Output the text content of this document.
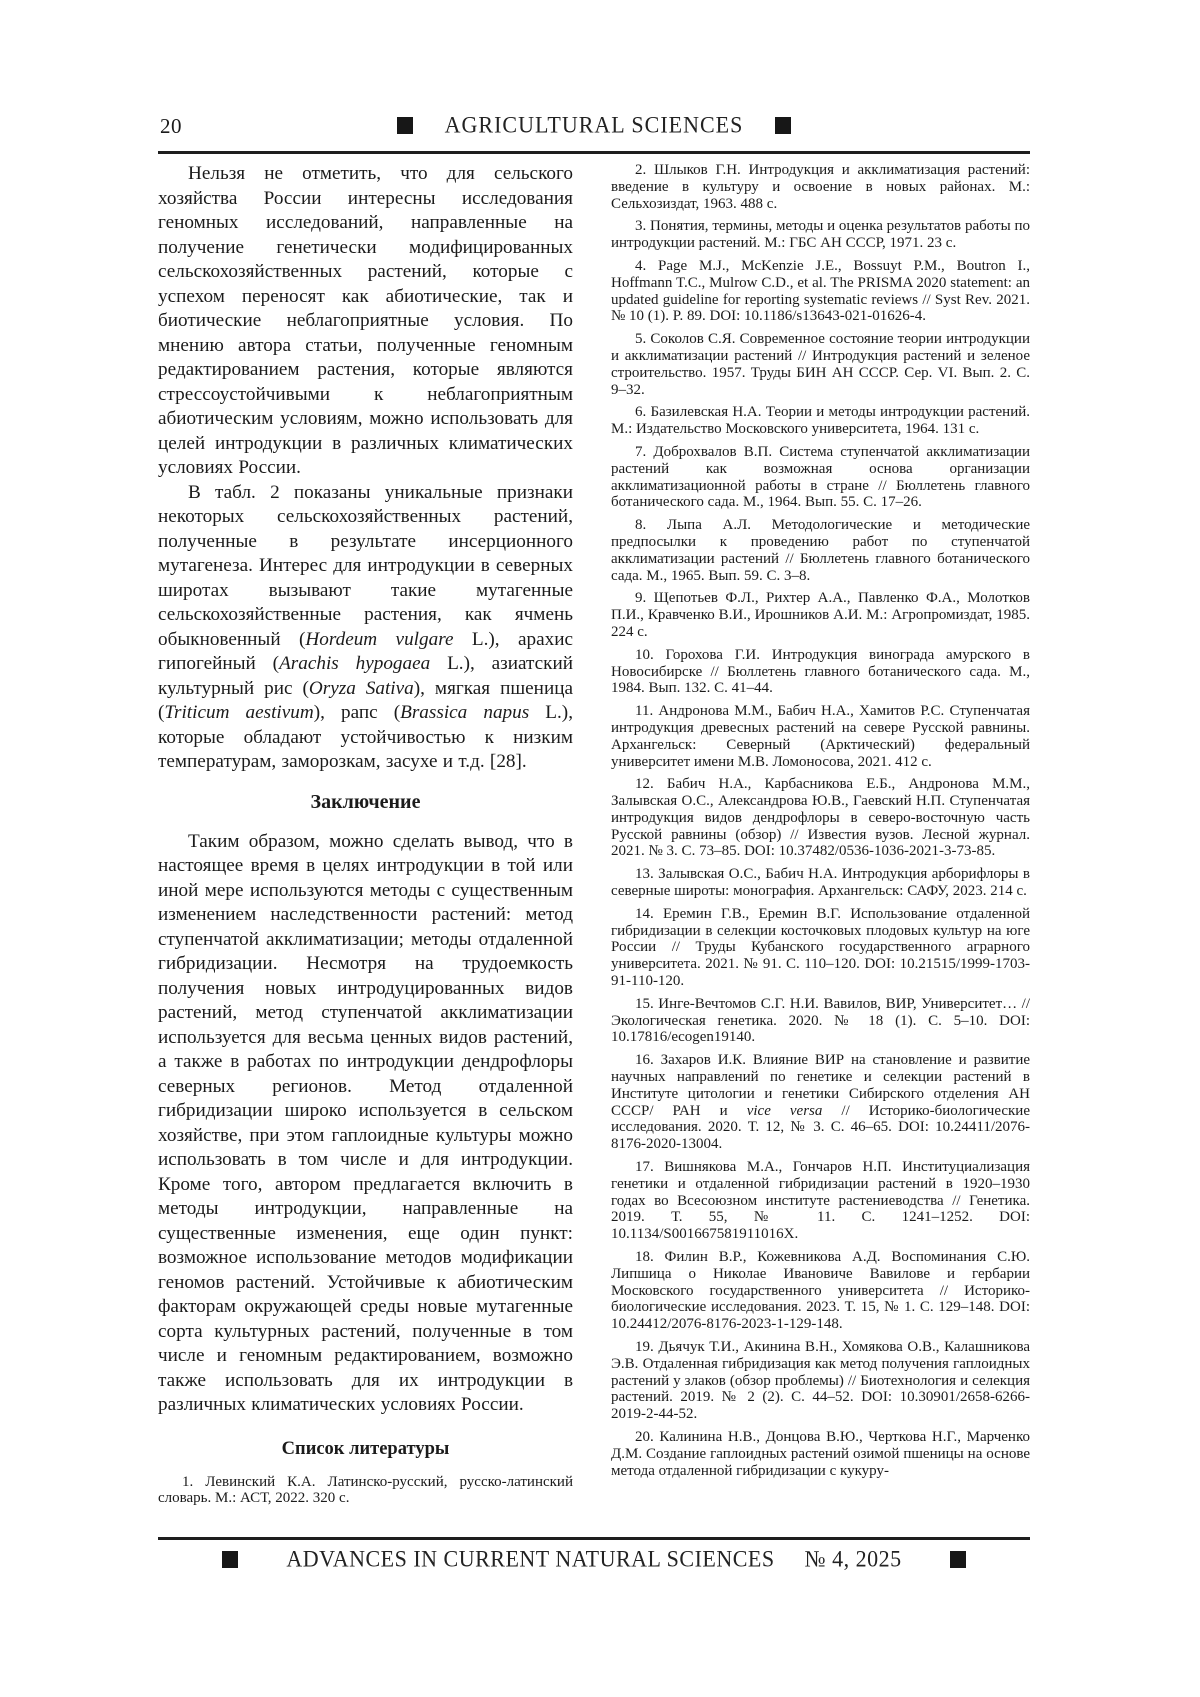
20	AGRICULTURAL SCIENCES

Нельзя не отметить, что для сельского хозяйства России интересны исследования геномных исследований, направленные на получение генетически модифицированных сельскохозяйственных растений, которые с успехом переносят как абиотические, так и биотические неблагоприятные условия. По мнению автора статьи, полученные геномным редактированием растения, которые являются стрессоустойчивыми к неблагоприятным абиотическим условиям, можно использовать для целей интродукции в различных климатических условиях России.

В табл. 2 показаны уникальные признаки некоторых сельскохозяйственных растений, полученные в результате инсерционного мутагенеза. Интерес для интродукции в северных широтах вызывают такие мутагенные сельскохозяйственные растения, как ячмень обыкновенный (Hordeum vulgare L.), арахис гипогейный (Arachis hypogaea L.), азиатский культурный рис (Oryza Sativa), мягкая пшеница (Triticum aestivum), рапс (Brassica napus L.), которые обладают устойчивостью к низким температурам, заморозкам, засухе и т.д. [28].

Заключение

Таким образом, можно сделать вывод, что в настоящее время в целях интродукции в той или иной мере используются методы с существенным изменением наследственности растений: метод ступенчатой акклиматизации; методы отдаленной гибридизации. Несмотря на трудоемкость получения новых интродуцированных видов растений, метод ступенчатой акклиматизации используется для весьма ценных видов растений, а также в работах по интродукции дендрофлоры северных регионов. Метод отдаленной гибридизации широко используется в сельском хозяйстве, при этом гаплоидные культуры можно использовать в том числе и для интродукции. Кроме того, автором предлагается включить в методы интродукции, направленные на существенные изменения, еще один пункт: возможное использование методов модификации геномов растений. Устойчивые к абиотическим факторам окружающей среды новые мутагенные сорта культурных растений, полученные в том числе и геномным редактированием, возможно также использовать для их интродукции в различных климатических условиях России.

Список литературы

1. Левинский К.А. Латинско-русский, русско-латинский словарь. М.: АСТ, 2022. 320 с.

2. Шлыков Г.Н. Интродукция и акклиматизация растений: введение в культуру и освоение в новых районах. М.: Сельхозиздат, 1963. 488 с.

3. Понятия, термины, методы и оценка результатов работы по интродукции растений. М.: ГБС АН СССР, 1971. 23 с.

4. Page M.J., McKenzie J.E., Bossuyt P.M., Boutron I., Hoffmann T.C., Mulrow C.D., et al. The PRISMA 2020 statement: an updated guideline for reporting systematic reviews // Syst Rev. 2021. № 10 (1). P. 89. DOI: 10.1186/s13643-021-01626-4.

5. Соколов С.Я. Современное состояние теории интродукции и акклиматизации растений // Интродукция растений и зеленое строительство. 1957. Труды БИН АН СССР. Сер. VI. Вып. 2. С. 9–32.

6. Базилевская Н.А. Теории и методы интродукции растений. М.: Издательство Московского университета, 1964. 131 с.

7. Доброхвалов В.П. Система ступенчатой акклиматизации растений как возможная основа организации акклиматизационной работы в стране // Бюллетень главного ботанического сада. М., 1964. Вып. 55. С. 17–26.

8. Лыпа А.Л. Методологические и методические предпосылки к проведению работ по ступенчатой акклиматизации растений // Бюллетень главного ботанического сада. М., 1965. Вып. 59. С. 3–8.

9. Щепотьев Ф.Л., Рихтер А.А., Павленко Ф.А., Молотков П.И., Кравченко В.И., Ирошников А.И. М.: Агропромиздат, 1985. 224 с.

10. Горохова Г.И. Интродукция винограда амурского в Новосибирске // Бюллетень главного ботанического сада. М., 1984. Вып. 132. С. 41–44.

11. Андронова М.М., Бабич Н.А., Хамитов Р.С. Ступенчатая интродукция древесных растений на севере Русской равнины. Архангельск: Северный (Арктический) федеральный университет имени М.В. Ломоносова, 2021. 412 с.

12. Бабич Н.А., Карбасникова Е.Б., Андронова М.М., Залывская О.С., Александрова Ю.В., Гаевский Н.П. Ступенчатая интродукция видов дендрофлоры в северо-восточную часть Русской равнины (обзор) // Известия вузов. Лесной журнал. 2021. № 3. С. 73–85. DOI: 10.37482/0536-1036-2021-3-73-85.

13. Залывская О.С., Бабич Н.А. Интродукция арборифлоры в северные широты: монография. Архангельск: САФУ, 2023. 214 с.

14. Еремин Г.В., Еремин В.Г. Использование отдаленной гибридизации в селекции косточковых плодовых культур на юге России // Труды Кубанского государственного аграрного университета. 2021. № 91. С. 110–120. DOI: 10.21515/1999-1703-91-110-120.

15. Инге-Вечтомов С.Г. Н.И. Вавилов, ВИР, Университет… // Экологическая генетика. 2020. № 18 (1). С. 5–10. DOI: 10.17816/ecogen19140.

16. Захаров И.К. Влияние ВИР на становление и развитие научных направлений по генетике и селекции растений в Институте цитологии и генетики Сибирского отделения АН СССР/ РАН и vice versa // Историко-биологические исследования. 2020. Т. 12, № 3. С. 46–65. DOI: 10.24411/2076-8176-2020-13004.

17. Вишнякова М.А., Гончаров Н.П. Институциализация генетики и отдаленной гибридизации растений в 1920–1930 годах во Всесоюзном институте растениеводства // Генетика. 2019. Т. 55, № 11. С. 1241–1252. DOI: 10.1134/S001667581911016X.

18. Филин В.Р., Кожевникова А.Д. Воспоминания С.Ю. Липшица о Николае Ивановиче Вавилове и гербарии Московского государственного университета // Историко-биологические исследования. 2023. Т. 15, № 1. С. 129–148. DOI: 10.24412/2076-8176-2023-1-129-148.

19. Дьячук Т.И., Акинина В.Н., Хомякова О.В., Калашникова Э.В. Отдаленная гибридизация как метод получения гаплоидных растений у злаков (обзор проблемы) // Биотехнология и селекция растений. 2019. № 2 (2). С. 44–52. DOI: 10.30901/2658-6266-2019-2-44-52.

20. Калинина Н.В., Донцова В.Ю., Черткова Н.Г., Марченко Д.М. Создание гаплоидных растений озимой пшеницы на основе метода отдаленной гибридизации с кукуру-

ADVANCES IN CURRENT NATURAL SCIENCES № 4, 2025
